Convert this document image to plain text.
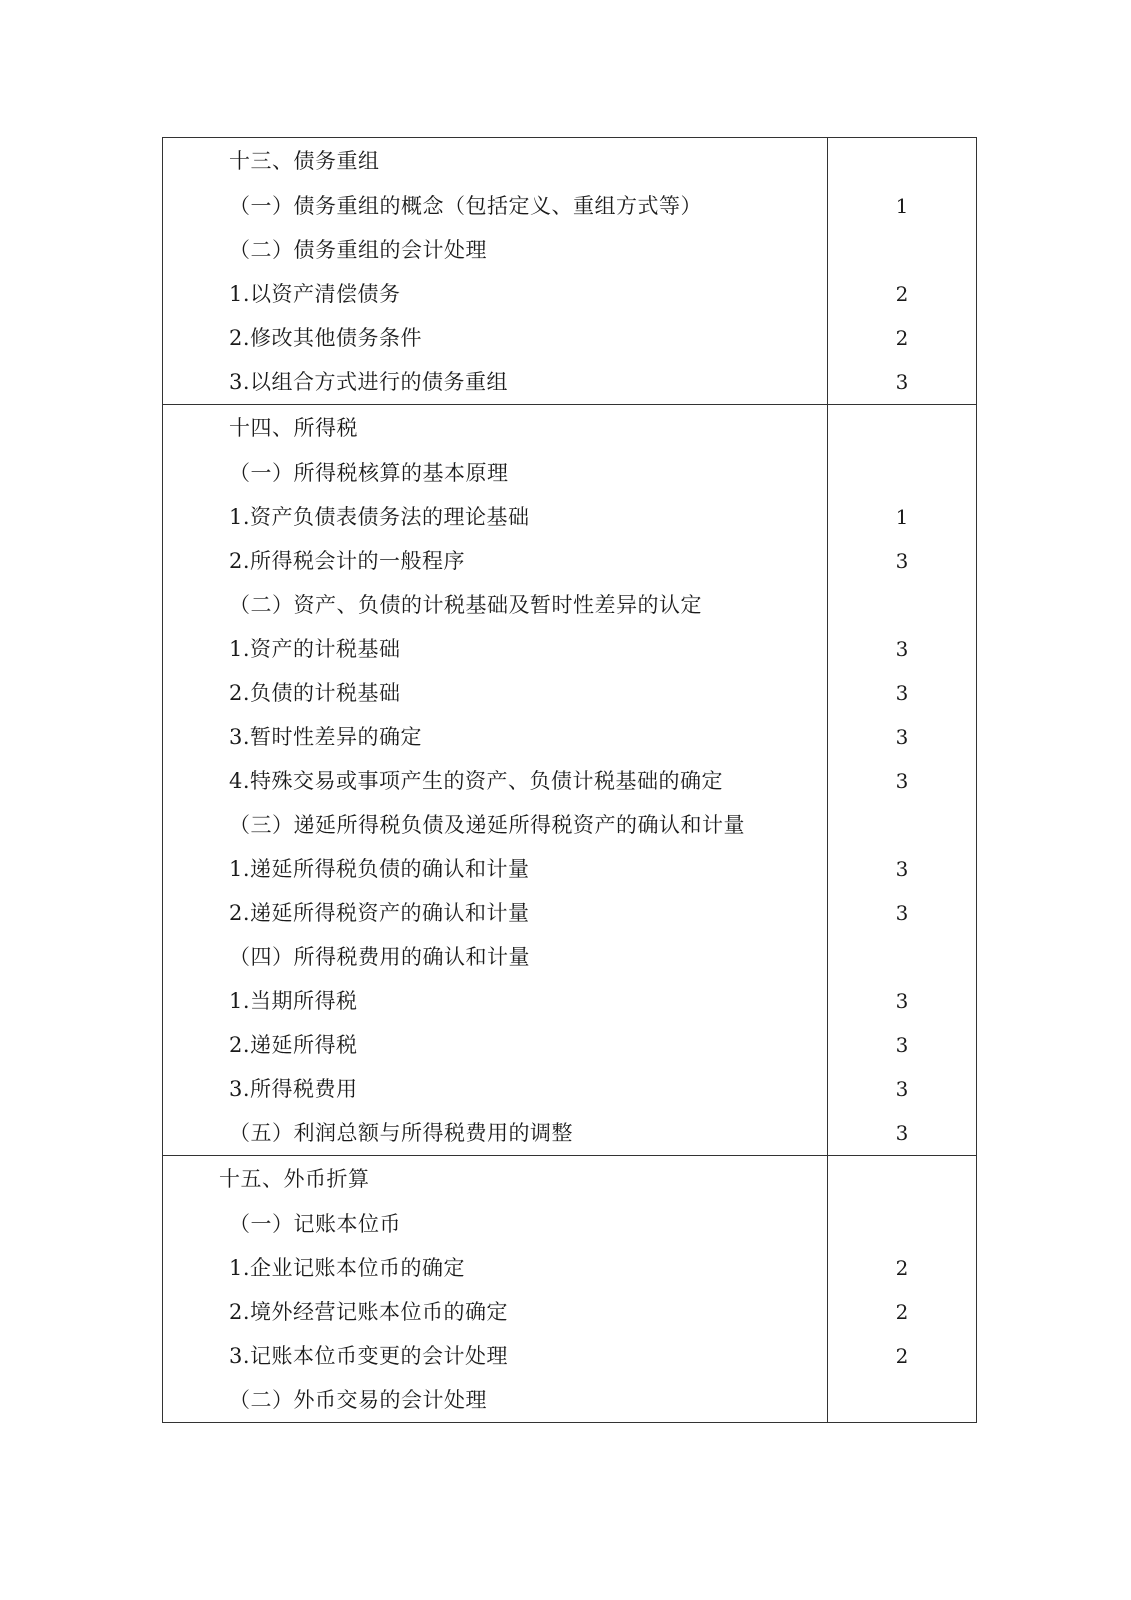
十三、债务重组	

（一）债务重组的概念（包括定义、重组方式等）	1

（二）债务重组的会计处理	

1.以资产清偿债务	2

2.修改其他债务条件	2

3.以组合方式进行的债务重组	3

十四、所得税	

（一）所得税核算的基本原理	

1.资产负债表债务法的理论基础	1

2.所得税会计的一般程序	3

（二）资产、负债的计税基础及暂时性差异的认定	

1.资产的计税基础	3

2.负债的计税基础	3

3.暂时性差异的确定	3

4.特殊交易或事项产生的资产、负债计税基础的确定	3

（三）递延所得税负债及递延所得税资产的确认和计量	

1.递延所得税负债的确认和计量	3

2.递延所得税资产的确认和计量	3

（四）所得税费用的确认和计量	

1.当期所得税	3

2.递延所得税	3

3.所得税费用	3

（五）利润总额与所得税费用的调整	3

十五、外币折算	

（一）记账本位币	

1.企业记账本位币的确定	2

2.境外经营记账本位币的确定	2

3.记账本位币变更的会计处理	2

（二）外币交易的会计处理	
